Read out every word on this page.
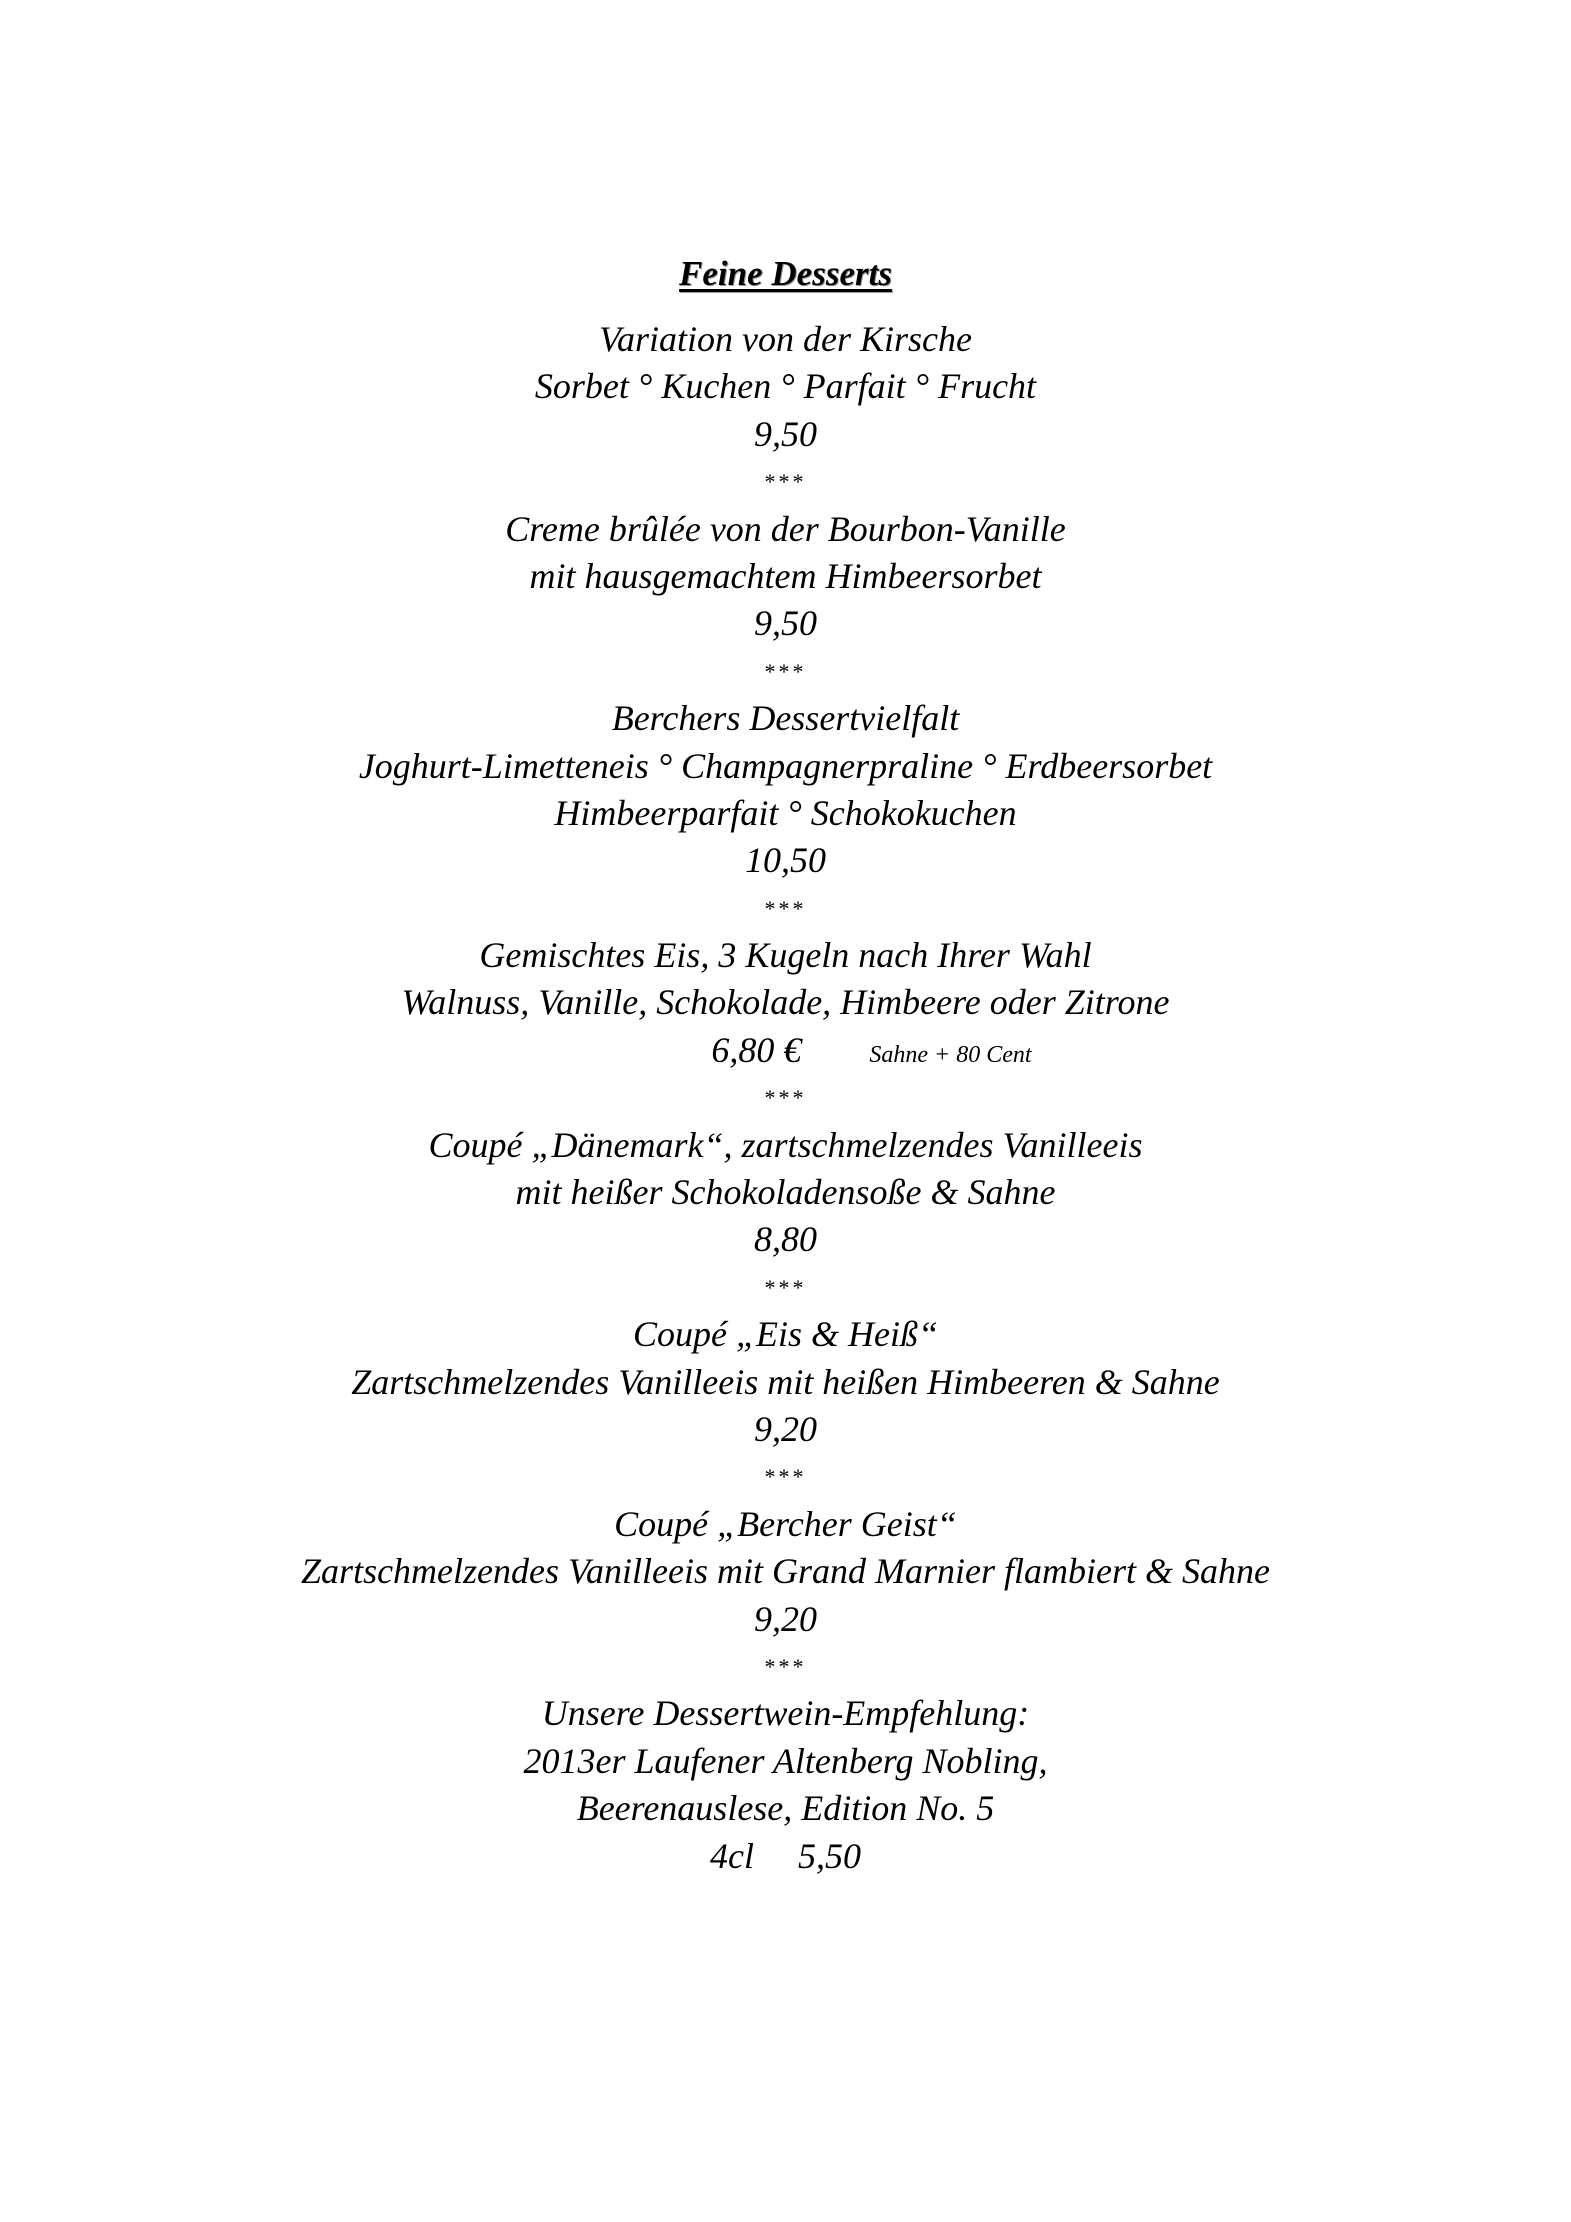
Feine Desserts
Variation von der Kirsche
Sorbet ° Kuchen ° Parfait ° Frucht
9,50
***
Creme brûlée von der Bourbon-Vanille
mit hausgemachtem Himbeersorbet
9,50
***
Berchers Dessertvielfalt
Joghurt-Limetteneis ° Champagnerpraline ° Erdbeersorbet
Himbeerparfait ° Schokokuchen
10,50
***
Gemischtes Eis, 3 Kugeln nach Ihrer Wahl
Walnuss, Vanille, Schokolade, Himbeere oder Zitrone
6,80 €	Sahne + 80 Cent
***
Coupé „Dänemark“, zartschmelzendes Vanilleeis
mit heißer Schokoladensoße & Sahne
8,80
***
Coupé „Eis & Heiß“
Zartschmelzendes Vanilleeis mit heißen Himbeeren & Sahne
9,20
***
Coupé „Bercher Geist“
Zartschmelzendes Vanilleeis mit Grand Marnier flambiert & Sahne
9,20
***
Unsere Dessertwein-Empfehlung:
2013er Laufener Altenberg Nobling,
Beerenauslese, Edition No. 5
4cl 5,50
